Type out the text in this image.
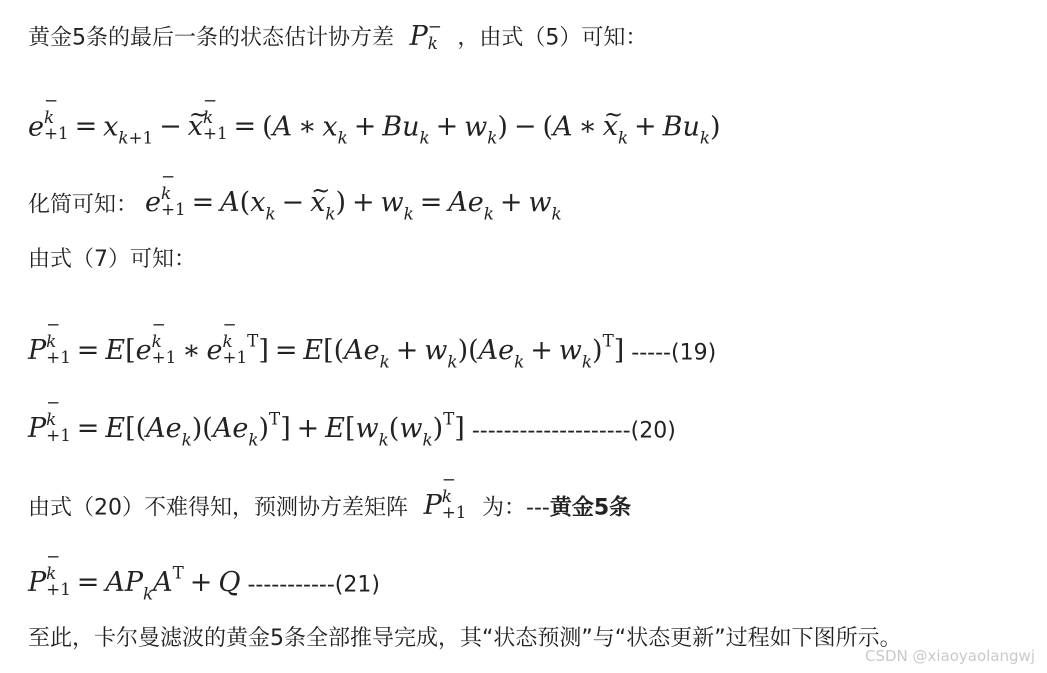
黄金5条的最后一条的状态估计协方差  P −
k ，由式（5）可知：
e
−
k
$+1 = x_{k+1}$ − ~ x
−
k
+1 = (A ∗ $x_k + Bu_k + w_k) - (A$ ∗ ~ $x_k + Bu_k$)
化简可知： e
−
k
$+1 = A(x_k$ − ~ $x_k) + w_k = Ae_k + w_k$
由式（7）可知：
P
−
k
+1 = E[e
−
k
+1 ∗ e
−
k
+1
$^T] = E[(Ae_k + w_k)(Ae_k + w_k)^T]$ -----(19)
P
−
k
$+1 = E[(Ae_k)(Ae_k)^T] + E[w_k(w_k)^T]$ --------------------(20)
由式（20）不难得知，预测协方差矩阵  P
−
k
+1 为：---黄金5条
P
−
k
$+1 = AP_kA^T + Q$ -----------(21)
至此，卡尔曼滤波的黄金5条全部推导完成，其“状态预测”与“状态更新”过程如下图所示。
CSDN @xiaoyaolangwj
